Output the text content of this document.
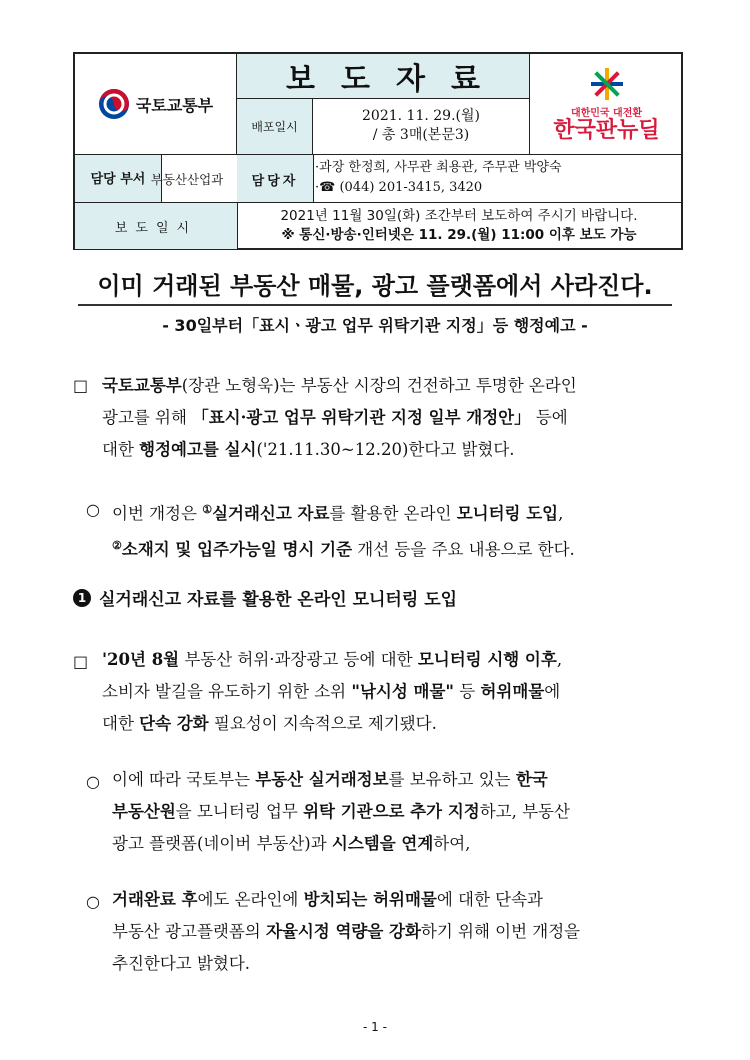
국토교통부
보도자료
배포일시
2021. 11. 29.(월)
/ 총 3매(본문3)
대한민국 대전환
한국판뉴딜
담당 부서 부동산산업과	담당자
·과장 한정희, 사무관 최용관, 주무관 박양숙
·☎ (044) 201-3415, 3420
보도일시
2021년 11월 30일(화) 조간부터 보도하여 주시기 바랍니다.
※ 통신·방송·인터넷은 11. 29.(월) 11:00 이후 보도 가능
이미 거래된 부동산 매물, 광고 플랫폼에서 사라진다.
- 30일부터「표시ㆍ광고 업무 위탁기관 지정」등 행정예고 -
□ 국토교통부(장관 노형욱)는 부동산 시장의 건전하고 투명한 온라인
광고를 위해 「표시·광고 업무 위탁기관 지정 일부 개정안」 등에
대한 행정예고를 실시('21.11.30~12.20)한다고 밝혔다.
○ 이번 개정은 ①실거래신고 자료를 활용한 온라인 모니터링 도입,
②소재지 및 입주가능일 명시 기준 개선 등을 주요 내용으로 한다.
1 실거래신고 자료를 활용한 온라인 모니터링 도입
□ '20년 8월 부동산 허위·과장광고 등에 대한 모니터링 시행 이후,
소비자 발길을 유도하기 위한 소위 "낚시성 매물" 등 허위매물에
대한 단속 강화 필요성이 지속적으로 제기됐다.
○ 이에 따라 국토부는 부동산 실거래정보를 보유하고 있는 한국
부동산원을 모니터링 업무 위탁 기관으로 추가 지정하고, 부동산
광고 플랫폼(네이버 부동산)과 시스템을 연계하여,
○ 거래완료 후에도 온라인에 방치되는 허위매물에 대한 단속과
부동산 광고플랫폼의 자율시정 역량을 강화하기 위해 이번 개정을
추진한다고 밝혔다.
- 1 -
